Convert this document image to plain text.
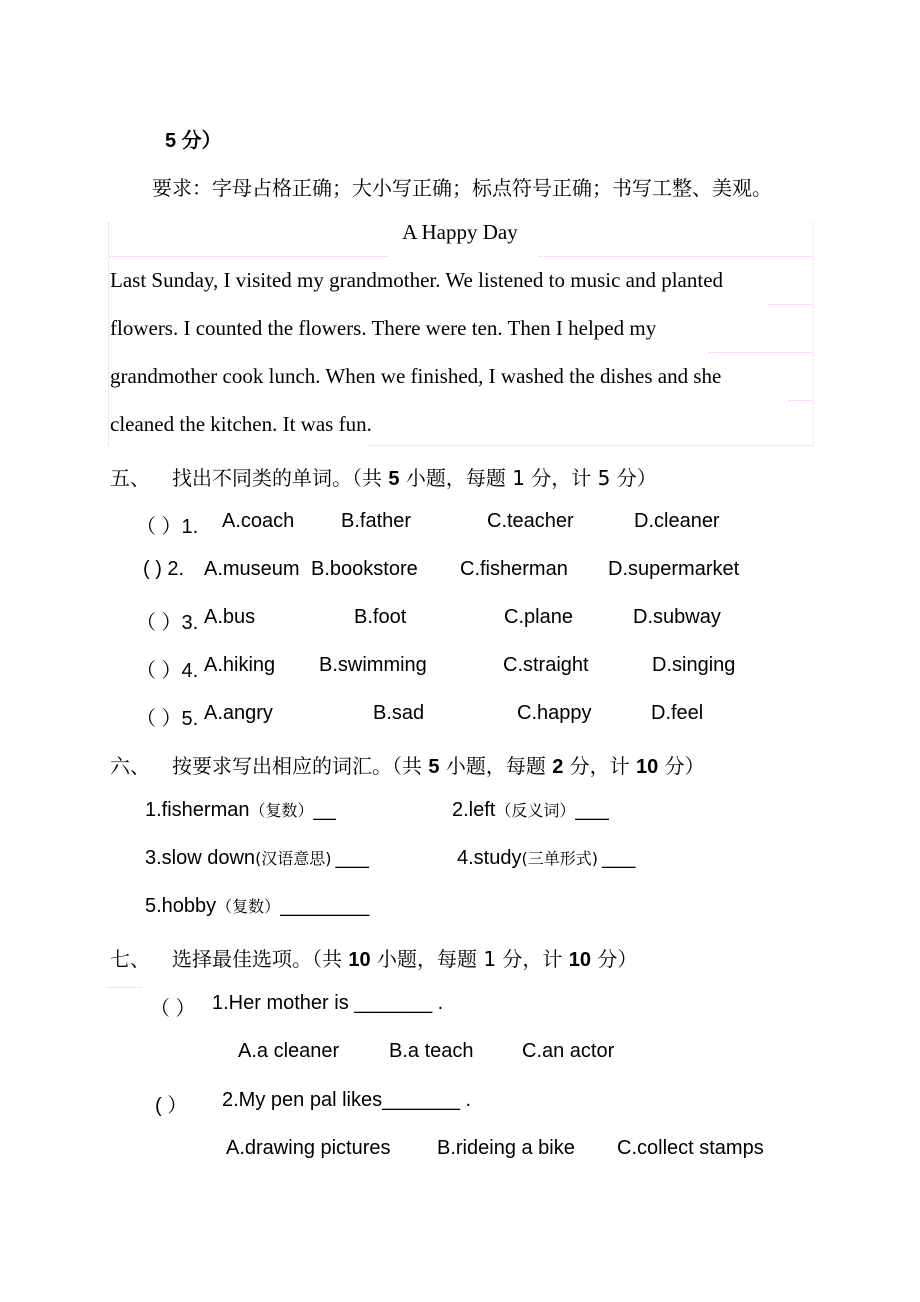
5 分）
要求：字母占格正确；大小写正确；标点符号正确；书写工整、美观。
A Happy Day
Last Sunday, I visited my grandmother. We listened to music and planted
flowers. I counted the flowers. There were ten. Then I helped my
grandmother cook lunch. When we finished, I washed the dishes and she
cleaned the kitchen. It was fun.
五、 找出不同类的单词。（共 5 小题，每题 1 分，计 5 分）
（ ）1. A.coach B.father	C.teacher	D.cleaner
( ) 2. A.museum B.bookstore C.fisherman D.supermarket
（ ）3. A.bus	B.foot	C.plane	D.subway
（ ）4. A.hiking B.swimming	C.straight	D.singing
（ ）5. A.angry	B.sad	C.happy	D.feel
六、 按要求写出相应的词汇。（共 5 小题，每题 2 分，计 10 分）
1.fisherman（复数）__	2.left（反义词）___
3.slow down(汉语意思) ___	4.study(三单形式) ___
5.hobby（复数）________
七、 选择最佳选项。（共 10 小题，每题 1 分，计 10 分）
（ ） 1.Her mother is _______ .
A.a cleaner B.a teach C.an actor
( ） 2.My pen pal likes_______ .
A.drawing pictures B.rideing a bike C.collect stamps
